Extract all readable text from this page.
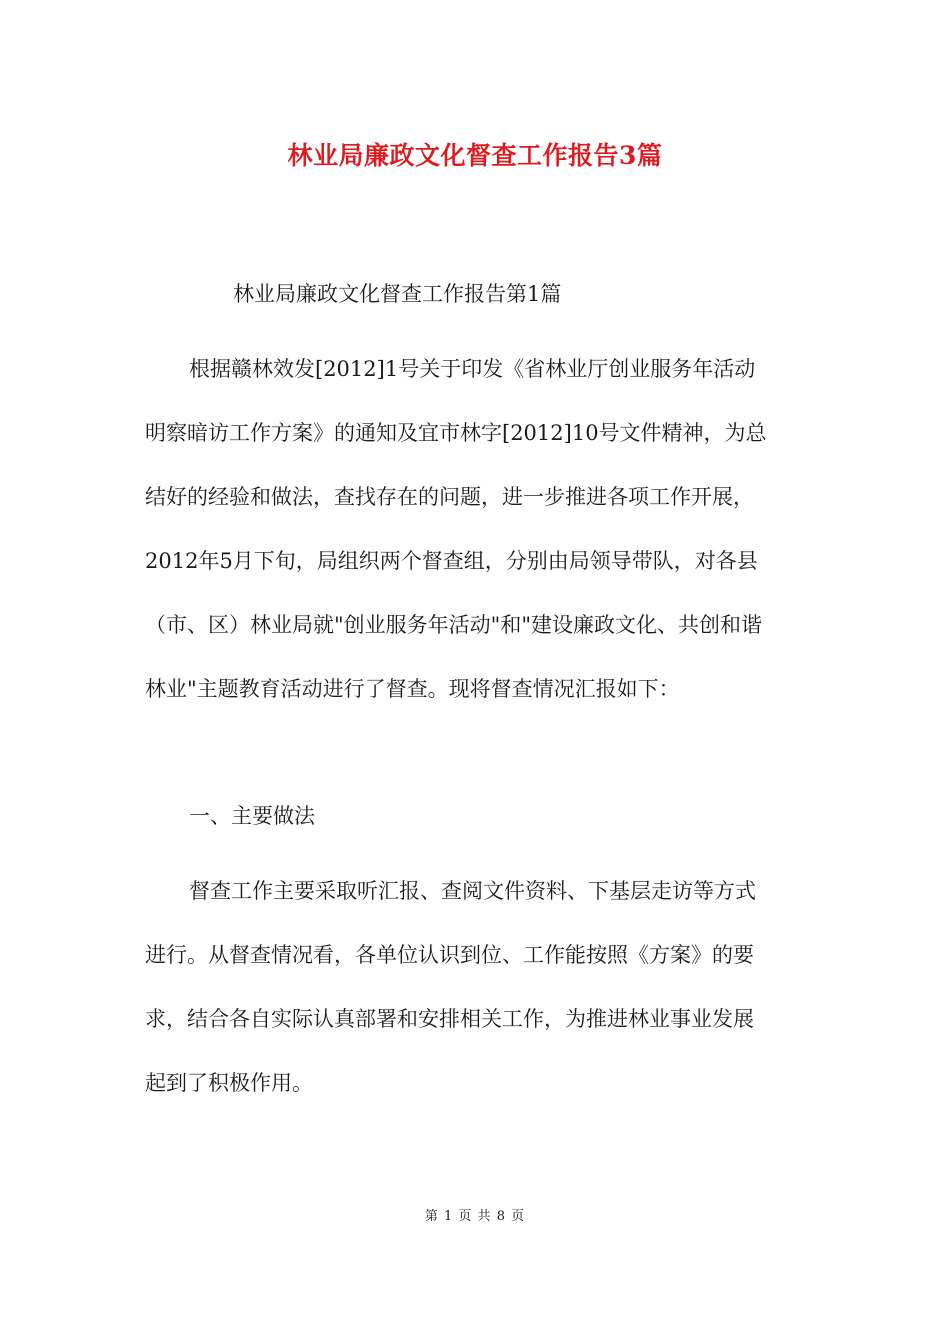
林业局廉政文化督查工作报告3篇
林业局廉政文化督查工作报告第1篇
根据赣林效发[2012]1号关于印发《省林业厅创业服务年活动
明察暗访工作方案》的通知及宜市林字[2012]10号文件精神，为总
结好的经验和做法，查找存在的问题，进一步推进各项工作开展，
2012年5月下旬，局组织两个督查组，分别由局领导带队，对各县
（市、区）林业局就"创业服务年活动"和"建设廉政文化、共创和谐
林业"主题教育活动进行了督查。现将督查情况汇报如下：
一、主要做法
督查工作主要采取听汇报、查阅文件资料、下基层走访等方式
进行。从督查情况看，各单位认识到位、工作能按照《方案》的要
求，结合各自实际认真部署和安排相关工作，为推进林业事业发展
起到了积极作用。
第 1 页 共 8 页
